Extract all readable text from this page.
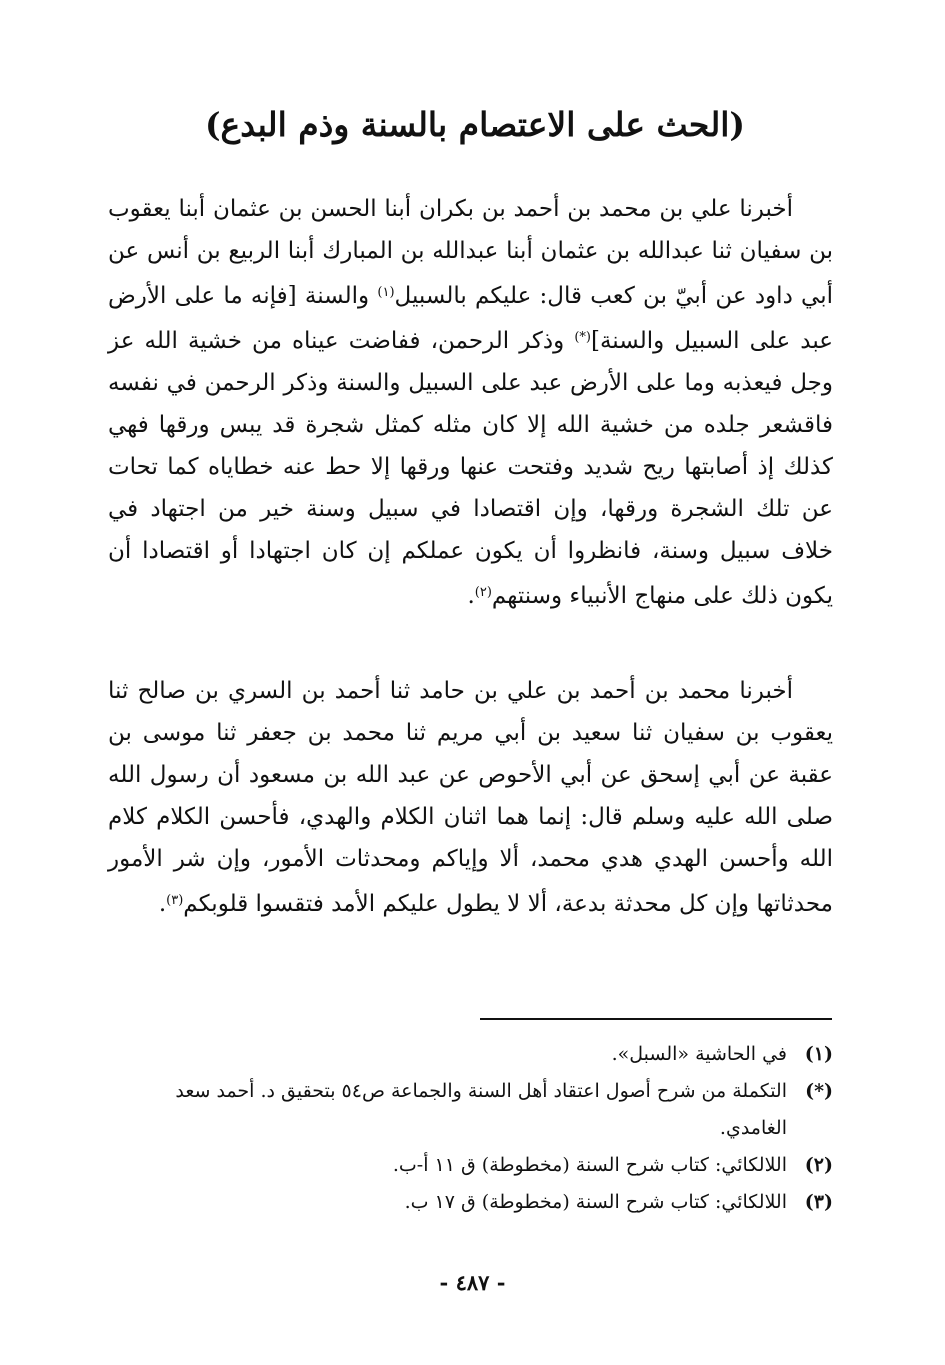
(الحث على الاعتصام بالسنة وذم البدع)

أخبرنا علي بن محمد بن أحمد بن بكران أبنا الحسن بن عثمان أبنا يعقوب بن سفيان ثنا عبدالله بن عثمان أبنا عبدالله بن المبارك أبنا الربيع بن أنس عن أبي داود عن أبيّ بن كعب قال: عليكم بالسبيل$^{(١)}$ والسنة [فإنه ما على الأرض عبد على السبيل والسنة](*) وذكر الرحمن، ففاضت عيناه من خشية الله عز وجل فيعذبه وما على الأرض عبد على السبيل والسنة وذكر الرحمن في نفسه فاقشعر جلده من خشية الله إلا كان مثله كمثل شجرة قد يبس ورقها فهي كذلك إذ أصابتها ريح شديد وفتحت عنها ورقها إلا حط عنه خطاياه كما تحات عن تلك الشجرة ورقها، وإن اقتصادا في سبيل وسنة خير من اجتهاد في خلاف سبيل وسنة، فانظروا أن يكون عملكم إن كان اجتهادا أو اقتصادا أن يكون ذلك على منهاج الأنبياء وسنتهم$^{(٢)}$.

أخبرنا محمد بن أحمد بن علي بن حامد ثنا أحمد بن السري بن صالح ثنا يعقوب بن سفيان ثنا سعيد بن أبي مريم ثنا محمد بن جعفر ثنا موسى بن عقبة عن أبي إسحق عن أبي الأحوص عن عبد الله بن مسعود أن رسول الله صلى الله عليه وسلم قال: إنما هما اثنان الكلام والهدي، فأحسن الكلام كلام الله وأحسن الهدي هدي محمد، ألا وإياكم ومحدثات الأمور، وإن شر الأمور محدثاتها وإن كل محدثة بدعة، ألا لا يطول عليكم الأمد فتقسوا قلوبكم$^{(٣)}$.

(١)
في الحاشية «السبل».
(*)
التكملة من شرح أصول اعتقاد أهل السنة والجماعة ص٥٤ بتحقيق د. أحمد سعد الغامدي.
(٢)
اللالكائي: كتاب شرح السنة (مخطوطة) ق ١١ أ-ب.
(٣)
اللالكائي: كتاب شرح السنة (مخطوطة) ق ١٧ ب.
- ٤٨٧ -
